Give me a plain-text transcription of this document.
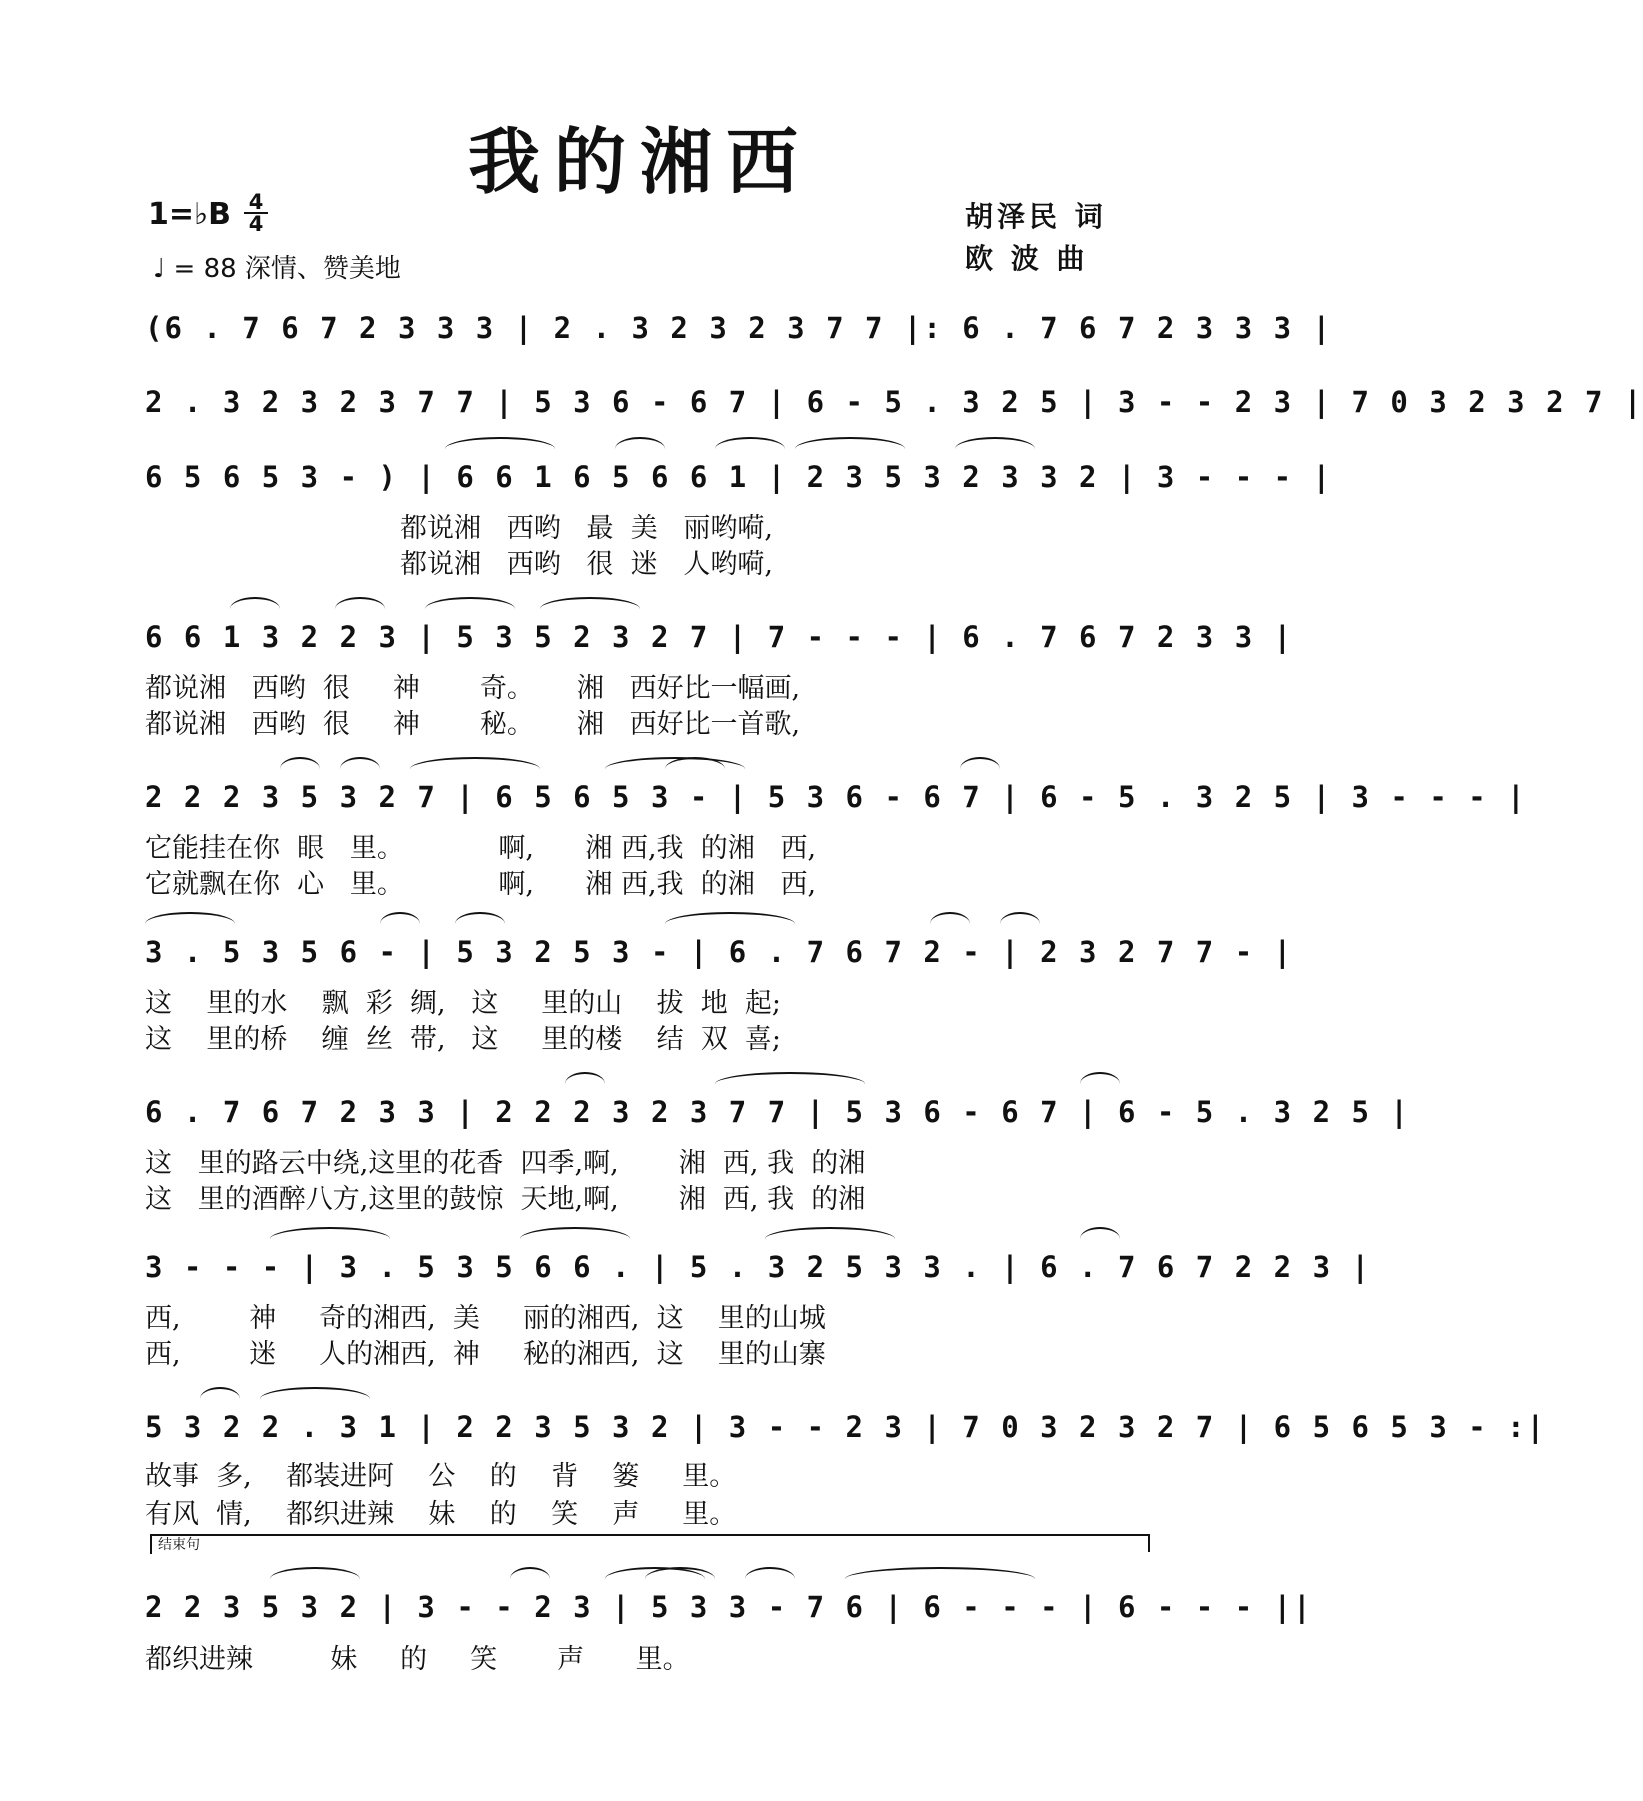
我的湘西
1=♭B 4
4
♩ = 88 深情、赞美地
胡泽民 词
欧 波 曲
(6 . 7 6 7 2 3 3 3 | 2 . 3 2 3 2 3 7 7 |: 6 . 7 6 7 2 3 3 3 |
2 . 3 2 3 2 3 7 7 | 5 3 6 - 6 7 | 6 - 5 . 3 2 5 | 3 - - 2 3 | 7 0 3 2 3 2 7 |
6 5 6 5 3 - ) | 6 6 1 6 5 6 6 1 | 2 3 5 3 2 3 3 2 | 3 - - - |
都说湘   西哟   最  美   丽哟嗬,
都说湘   西哟   很  迷   人哟嗬,
6 6 1 3 2 2 3 | 5 3 5 2 3 2 7 | 7 - - - | 6 . 7 6 7 2 3 3 |
都说湘   西哟  很     神       奇。     湘   西好比一幅画,
都说湘   西哟  很     神       秘。     湘   西好比一首歌,
2 2 2 3 5 3 2 7 | 6 5 6 5 3 - | 5 3 6 - 6 7 | 6 - 5 . 3 2 5 | 3 - - - |
它能挂在你  眼   里。           啊,      湘 西,我  的湘   西,
它就飘在你  心   里。           啊,      湘 西,我  的湘   西,
3 . 5 3 5 6 - | 5 3 2 5 3 - | 6 . 7 6 7 2 - | 2 3 2 7 7 - |
这    里的水    飘  彩  绸,   这     里的山    拔  地  起;
这    里的桥    缠  丝  带,   这     里的楼    结  双  喜;
6 . 7 6 7 2 3 3 | 2 2 2 3 2 3 7 7 | 5 3 6 - 6 7 | 6 - 5 . 3 2 5 |
这   里的路云中绕,这里的花香  四季,啊,       湘  西, 我  的湘
这   里的酒醉八方,这里的鼓惊  天地,啊,       湘  西, 我  的湘
3 - - - | 3 . 5 3 5 6 6 . | 5 . 3 2 5 3 3 . | 6 . 7 6 7 2 2 3 |
西,        神     奇的湘西,  美     丽的湘西,  这    里的山城
西,        迷     人的湘西,  神     秘的湘西,  这    里的山寨
5 3 2 2 . 3 1 | 2 2 3 5 3 2 | 3 - - 2 3 | 7 0 3 2 3 2 7 | 6 5 6 5 3 - :|
故事  多,    都装进阿    公    的    背    篓     里。
有风  情,    都织进辣    妹    的    笑    声     里。
结束句
2 2 3 5 3 2 | 3 - - 2 3 | 5 3 3 - 7 6 | 6 - - - | 6 - - - ||
都织进辣         妹     的     笑       声      里。
